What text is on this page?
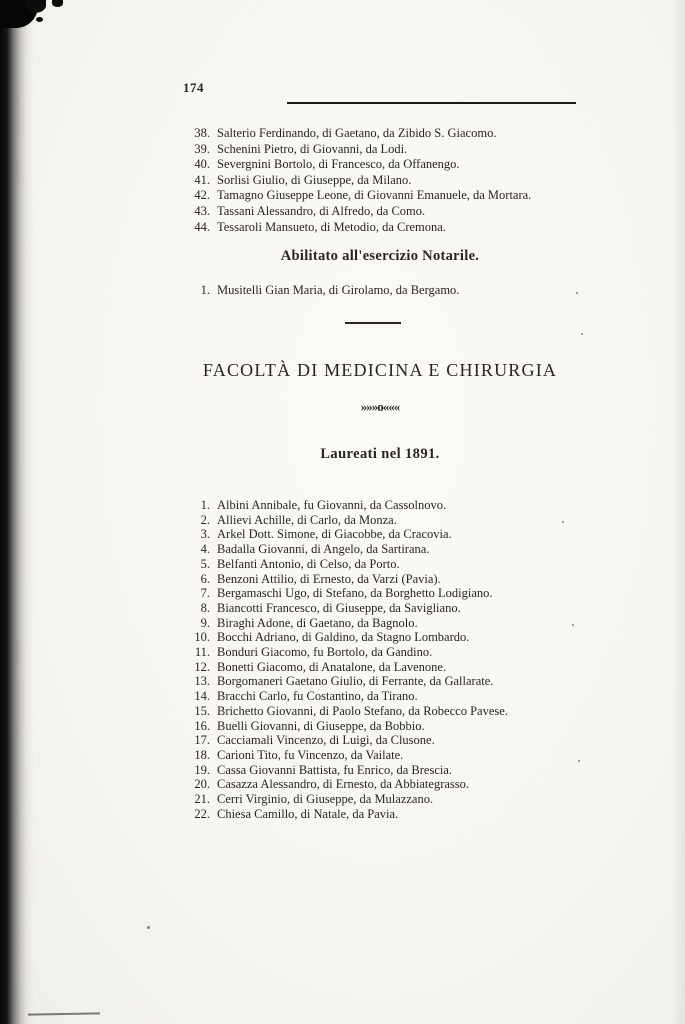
174
38. Salterio Ferdinando, di Gaetano, da Zibido S. Giacomo.
39. Schenini Pietro, di Giovanni, da Lodi.
40. Severgnini Bortolo, di Francesco, da Offanengo.
41. Sorlisi Giulio, di Giuseppe, da Milano.
42. Tamagno Giuseppe Leone, di Giovanni Emanuele, da Mortara.
43. Tassani Alessandro, di Alfredo, da Como.
44. Tessaroli Mansueto, di Metodio, da Cremona.
Abilitato all'esercizio Notarile.
1. Musitelli Gian Maria, di Girolamo, da Bergamo.
FACOLTÀ DI MEDICINA E CHIRURGIA
»»»o«««
Laureati nel 1891.
1. Albini Annibale, fu Giovanni, da Cassolnovo.
2. Allievi Achille, di Carlo, da Monza.
3. Arkel Dott. Simone, di Giacobbe, da Cracovia.
4. Badalla Giovanni, di Angelo, da Sartirana.
5. Belfanti Antonio, di Celso, da Porto.
6. Benzoni Attilio, di Ernesto, da Varzi (Pavia).
7. Bergamaschi Ugo, di Stefano, da Borghetto Lodigiano.
8. Biancotti Francesco, di Giuseppe, da Savigliano.
9. Biraghi Adone, di Gaetano, da Bagnolo.
10. Bocchi Adriano, di Galdino, da Stagno Lombardo.
11. Bonduri Giacomo, fu Bortolo, da Gandino.
12. Bonetti Giacomo, di Anatalone, da Lavenone.
13. Borgomaneri Gaetano Giulio, di Ferrante, da Gallarate.
14. Bracchi Carlo, fu Costantino, da Tirano.
15. Brichetto Giovanni, di Paolo Stefano, da Robecco Pavese.
16. Buelli Giovanni, di Giuseppe, da Bobbio.
17. Cacciamali Vincenzo, di Luigi, da Clusone.
18. Carioni Tito, fu Vincenzo, da Vailate.
19. Cassa Giovanni Battista, fu Enrico, da Brescia.
20. Casazza Alessandro, di Ernesto, da Abbiategrasso.
21. Cerri Virginio, di Giuseppe, da Mulazzano.
22. Chiesa Camillo, di Natale, da Pavia.
